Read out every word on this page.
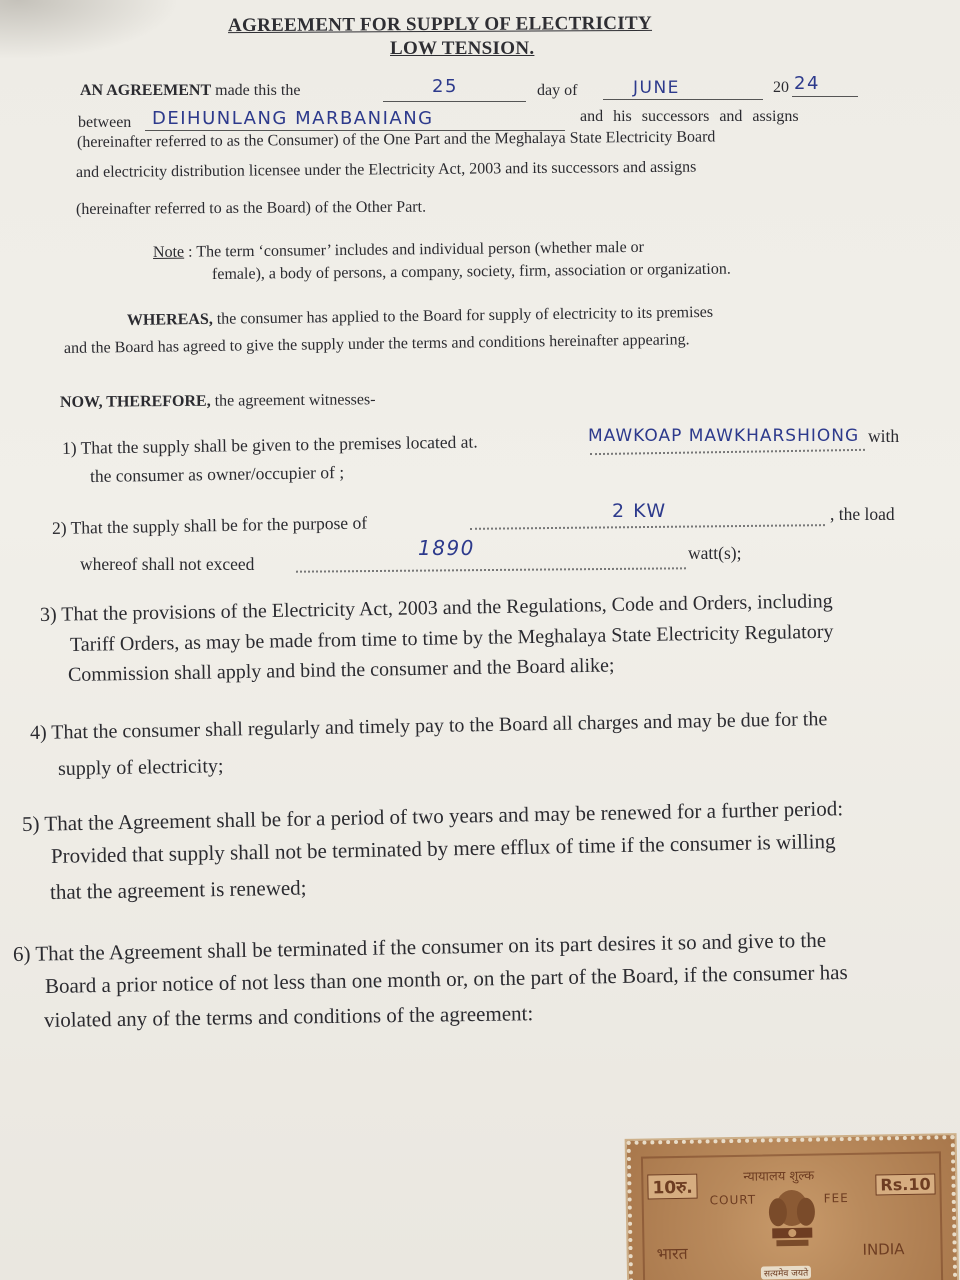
AGREEMENT FOR SUPPLY OF ELECTRICITY
LOW TENSION.
AN AGREEMENT made this the	25	day of	JUNE	20 24
between DEIHUNLANG MARBANIANG	and his successors and assigns
(hereinafter referred to as the Consumer) of the One Part and the Meghalaya State Electricity Board
and electricity distribution licensee under the Electricity Act, 2003 and its successors and assigns
(hereinafter referred to as the Board) of the Other Part.
Note : The term ‘consumer’ includes and individual person (whether male or
female), a body of persons, a company, society, firm, association or organization.
WHEREAS, the consumer has applied to the Board for supply of electricity to its premises
and the Board has agreed to give the supply under the terms and conditions hereinafter appearing.
NOW, THEREFORE, the agreement witnesses-
1) That the supply shall be given to the premises located at.	MAWKOAP MAWKHARSHIONG with
the consumer as owner/occupier of ;
2) That the supply shall be for the purpose of
2 KW	, the load
whereof shall not exceed
1890	watt(s);
3) That the provisions of the Electricity Act, 2003 and the Regulations, Code and Orders, including
Tariff Orders, as may be made from time to time by the Meghalaya State Electricity Regulatory
Commission shall apply and bind the consumer and the Board alike;
4) That the consumer shall regularly and timely pay to the Board all charges and may be due for the
supply of electricity;
5) That the Agreement shall be for a period of two years and may be renewed for a further period:
Provided that supply shall not be terminated by mere efflux of time if the consumer is willing
that the agreement is renewed;
6) That the Agreement shall be terminated if the consumer on its part desires it so and give to the
Board a prior notice of not less than one month or, on the part of the Board, if the consumer has
violated any of the terms and conditions of the agreement:
10रु.
न्यायालय शुल्क
COURT	FEE
Rs.10
भारत	INDIA
सत्यमेव जयते
